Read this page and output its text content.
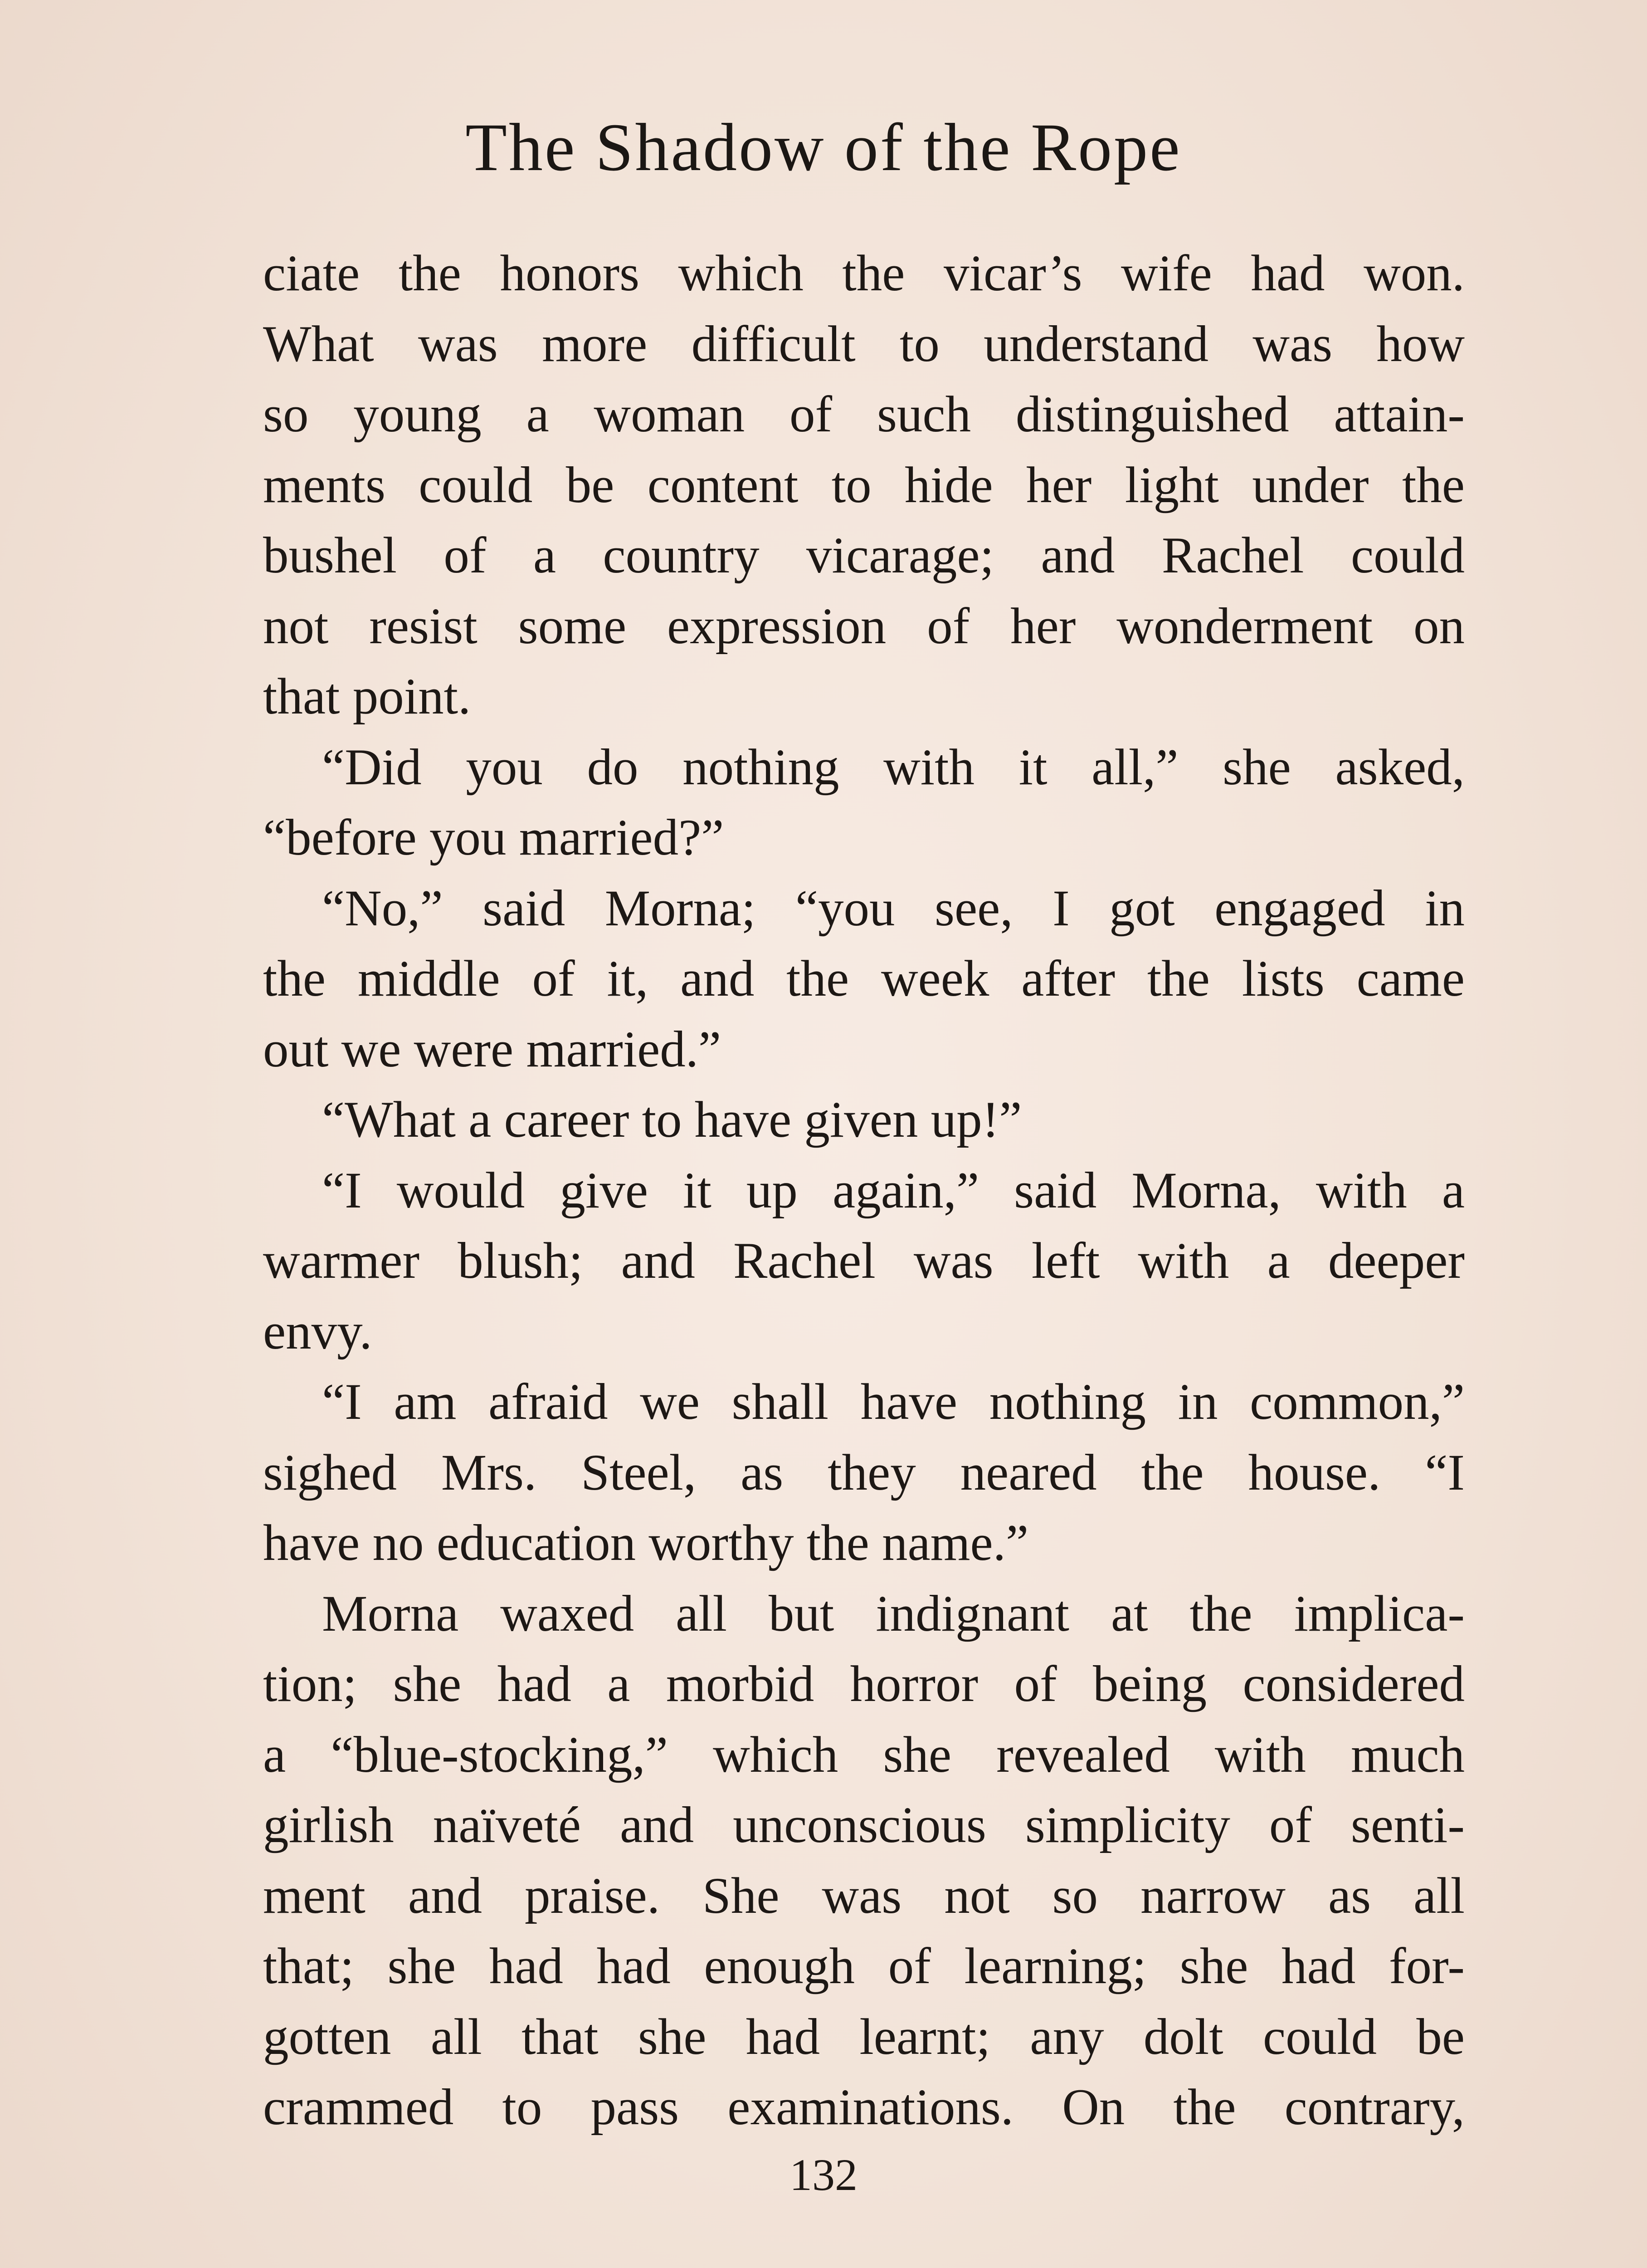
The Shadow of the Rope
ciate the honors which the vicar’s wife had won.
What was more difficult to understand was how
so young a woman of such distinguished attain-
ments could be content to hide her light under the
bushel of a country vicarage; and Rachel could
not resist some expression of her wonderment on
that point.
“Did you do nothing with it all,” she asked,
“before you married?”
“No,” said Morna; “you see, I got engaged in
the middle of it, and the week after the lists came
out we were married.”
“What a career to have given up!”
“I would give it up again,” said Morna, with a
warmer blush; and Rachel was left with a deeper
envy.
“I am afraid we shall have nothing in common,”
sighed Mrs. Steel, as they neared the house. “I
have no education worthy the name.”
Morna waxed all but indignant at the implica-
tion; she had a morbid horror of being considered
a “blue-stocking,” which she revealed with much
girlish naïveté and unconscious simplicity of senti-
ment and praise. She was not so narrow as all
that; she had had enough of learning; she had for-
gotten all that she had learnt; any dolt could be
crammed to pass examinations. On the contrary,
132
